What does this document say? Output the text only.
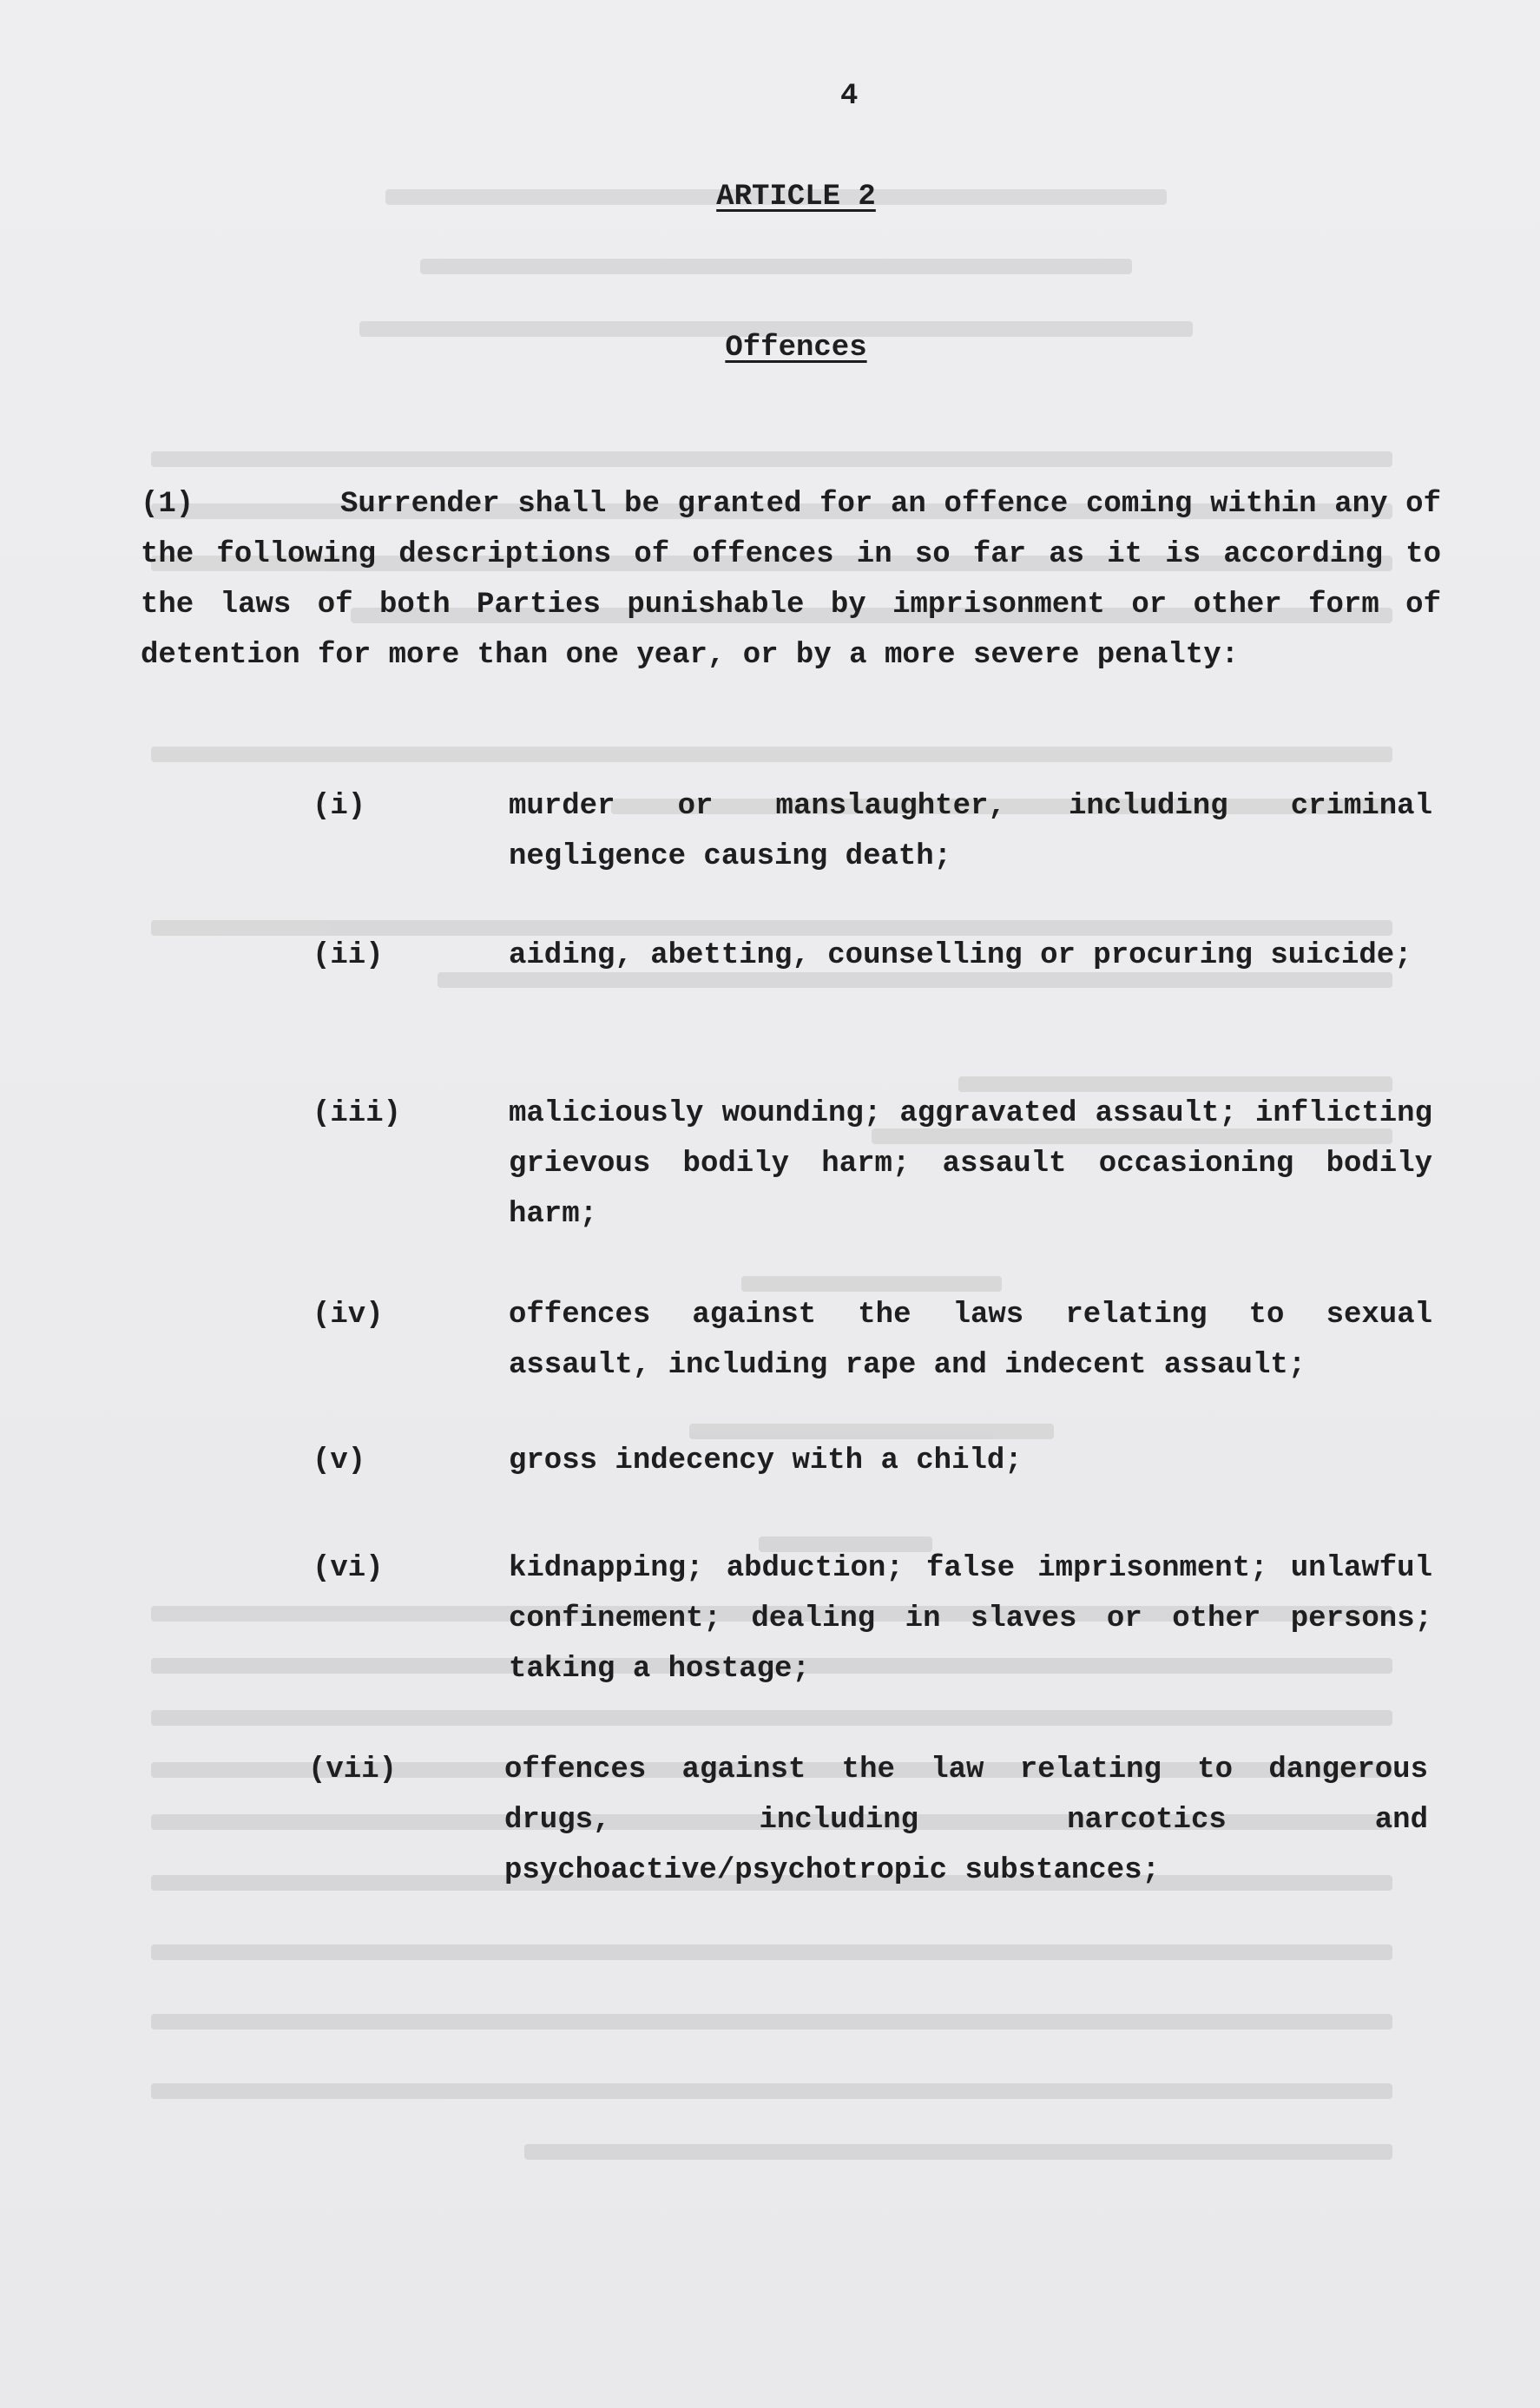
4
ARTICLE 2
Offences
(1)	Surrender shall be granted for an offence coming within any of the following descriptions of offences in so far as it is according to the laws of both Parties punishable by imprisonment or other form of detention for more than one year, or by a more severe penalty:
(i)	murder or manslaughter, including criminal negligence causing death;
(ii)	aiding, abetting, counselling or procuring suicide;
(iii)	maliciously wounding; aggravated assault; inflicting grievous bodily harm; assault occasioning bodily harm;
(iv)	offences against the laws relating to sexual assault, including rape and indecent assault;
(v)	gross indecency with a child;
(vi)	kidnapping; abduction; false imprisonment; unlawful confinement; dealing in slaves or other persons; taking a hostage;
(vii)	offences against the law relating to dangerous drugs, including narcotics and psychoactive/psychotropic substances;
